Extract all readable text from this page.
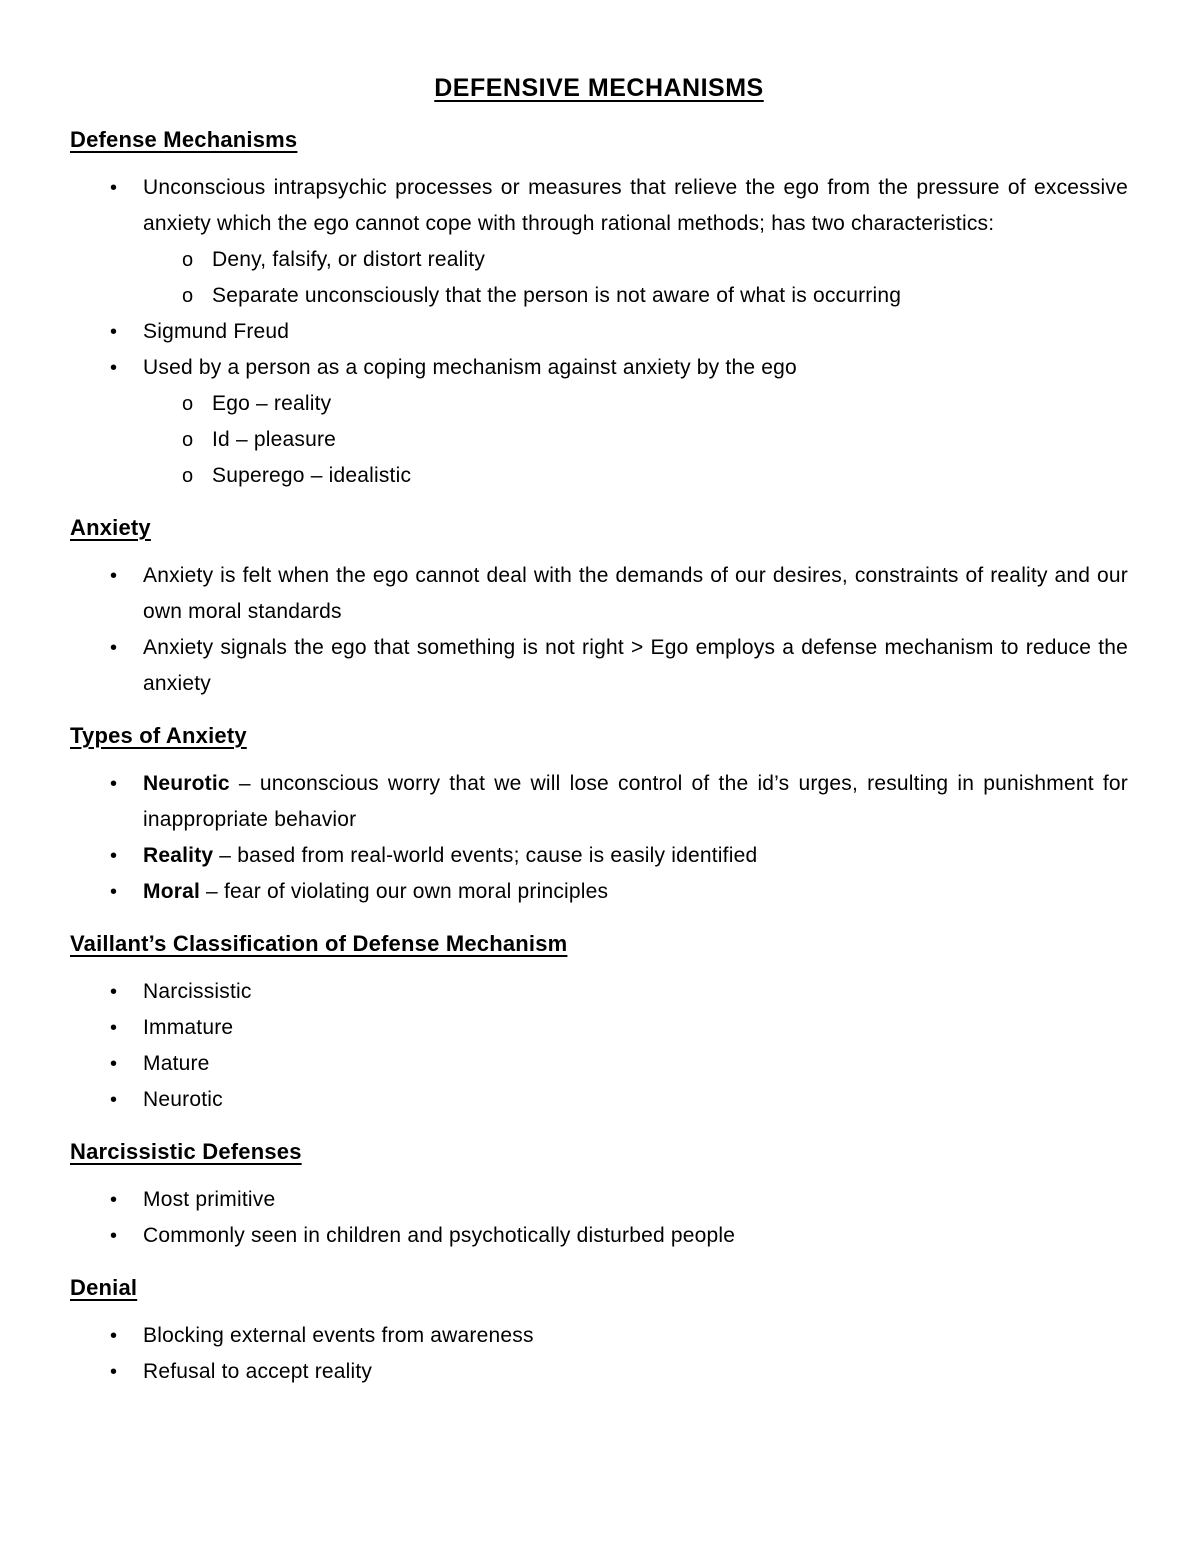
DEFENSIVE MECHANISMS
Defense Mechanisms
• Unconscious intrapsychic processes or measures that relieve the ego from the pressure of excessive anxiety which the ego cannot cope with through rational methods; has two characteristics:
o Deny, falsify, or distort reality
o Separate unconsciously that the person is not aware of what is occurring
• Sigmund Freud
• Used by a person as a coping mechanism against anxiety by the ego
o Ego – reality
o Id – pleasure
o Superego – idealistic
Anxiety
• Anxiety is felt when the ego cannot deal with the demands of our desires, constraints of reality and our own moral standards
• Anxiety signals the ego that something is not right > Ego employs a defense mechanism to reduce the anxiety
Types of Anxiety
• Neurotic – unconscious worry that we will lose control of the id’s urges, resulting in punishment for inappropriate behavior
• Reality – based from real-world events; cause is easily identified
• Moral – fear of violating our own moral principles
Vaillant’s Classification of Defense Mechanism
• Narcissistic
• Immature
• Mature
• Neurotic
Narcissistic Defenses
• Most primitive
• Commonly seen in children and psychotically disturbed people
Denial
• Blocking external events from awareness
• Refusal to accept reality
